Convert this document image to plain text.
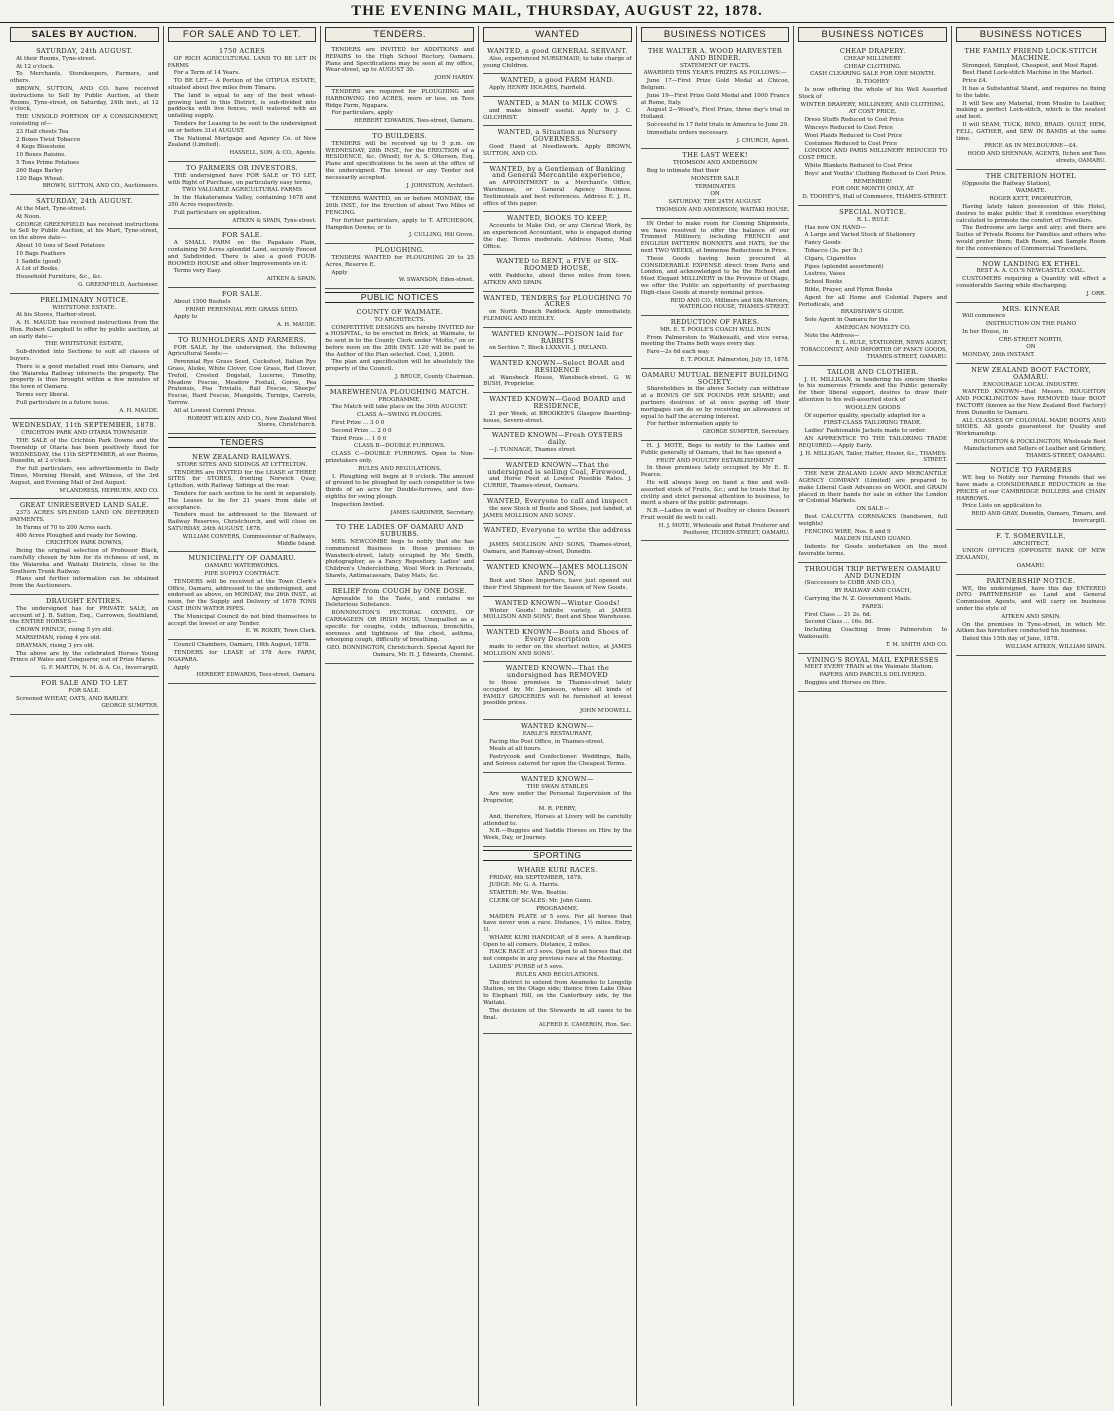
THE EVENING MAIL, THURSDAY, AUGUST 22, 1878.
SALES BY AUCTION.
SATURDAY, 24th AUGUST.

At their Rooms, Tyne-street.

At 12 o'clock.

To Merchants, Storekeepers, Farmers, and others.

BROWN, SUTTON, AND CO. have received instructions to Sell by Public Auction, at their Rooms, Tyne-street, on Saturday, 24th inst., at 12 o'clock,

THE UNSOLD PORTION OF A CONSIGNMENT, consisting of—

23 Half chests Tea

2 Boxes Twist Tobacco

4 Kegs Bluestone

10 Boxes Raisins.

5 Tons Prime Potatoes

260 Bags Barley

120 Bags Wheat.

BROWN, SUTTON, AND CO., Auctioneers.
SATURDAY, 24th AUGUST.

At the Mart, Tyne-street.

At Noon.

GEORGE GREENFIELD has received instructions to Sell by Public Auction, at his Mart, Tyne-street, on the above date—

About 10 tons of Seed Potatoes

10 Bags Feathers

1 Saddle (good)

A Lot of Books.

Household Furniture, &c., &c.

G. GREENFIELD, Auctioneer.
PRELIMINARY NOTICE.

WHITSTONE ESTATE.

At his Stores, Harbor-street.

A. H. MAUDE has received instructions from the Hon. Robert Campbell to offer by public auction, at an early date—

THE WHITSTONE ESTATE,

Sub-divided into Sections to suit all classes of buyers.

There is a good metalled road into Oamaru, and the Waiareka Railway intersects the property. The property is thus brought within a few minutes of the town of Oamaru.

Terms very liberal.

Full particulars in a future issue.

A. H. MAUDE.
WEDNESDAY, 11th SEPTEMBER, 1878.

CRICHTON PARK AND OTARIA TOWNSHIP.

THE SALE of the Crichton Park Downs and the Township of Otaria has been positively fixed for WEDNESDAY, the 11th SEPTEMBER, at our Rooms, Dunedin, at 2 o'clock.

For full particulars, see advertisements in Daily Times, Morning Herald, and Witness, of the 3rd August, and Evening Mail of 2nd August.

M'LANDRESS, HEPBURN, AND CO.
GREAT UNRESERVED LAND SALE.

2373 ACRES SPLENDID LAND ON DEFERRED PAYMENTS.

In Farms of 70 to 200 Acres each.

400 Acres Ploughed and ready for Sowing.

CRICHTON PARK DOWNS,

Being the original selection of Professor Black, carefully chosen by him for its richness of soil, in the Waiareka and Waitaki Districts, close to the Southern Trunk Railway.

Plans and further information can be obtained from the Auctioneers.

DRAUGHT ENTIRES.

The undersigned has for PRIVATE SALE, on account of J. B. Sutton, Esq., Carrowen, Southland, the ENTIRE HORSES—

CROWN PRINCE, rising 5 yrs old.

MARSHMAN, rising 4 yrs old.

DRAYMAN, rising 3 yrs old.

The above are by the celebrated Horses Young Prince of Wales and Conqueror, out of Prize Mares.

G. F. MARTIN, N. M. & A. Co., Invercargill.
FOR SALE AND TO LET

FOR SALE.

Screened WHEAT, OATS, AND BARLEY.

GEORGE SUMPTER.
FOR SALE AND TO LET.
1750 ACRES

OF RICH AGRICULTURAL LAND TO BE LET IN FARMS

For a Term of 14 Years.

TO BE LET— A Portion of the OTIPUA ESTATE, situated about five miles from Timaru.

The land is equal to any of the best wheat-growing land in this District, is sub-divided into paddocks with live fences, well watered with an unfailing supply.

Tenders for Leasing to be sent to the undersigned on or before 31st AUGUST.

The National Mortgage and Agency Co. of New Zealand (Limited).

HASSELL, SON, & CO., Agents.
TO FARMERS OR INVESTORS.

THE undersigned have FOR SALE or TO LET, with Right of Purchase, on particularly easy terms,

TWO VALUABLE AGRICULTURAL FARMS

In the Hakateramea Valley, containing 1678 and 350 Acres respectively.

Full particulars on application.

AITKEN & SPAIN, Tyne-street.
FOR SALE.

A SMALL FARM on the Papakaio Plain, containing 50 Acres splendid Land, securely Fenced and Subdivided. There is also a good FOUR-ROOMED HOUSE and other Improvements on it.

Terms very Easy.

AITKEN & SPAIN.
FOR SALE.

About 1500 Bushels

PRIME PERENNIAL RYE GRASS SEED.

Apply to

A. H. MAUDE.
TO RUNHOLDERS AND FARMERS.

FOR SALE, by the undersigned, the following Agricultural Seeds:—

Perennial Rye Grass Seed, Cocksfoot, Italian Rye Grass, Alsike, White Clover, Cow Grass, Red Clover, Trefoil, Crested Dogstail, Lucerne, Timothy, Meadow Fescue, Meadow Foxtail, Gorse, Pea Pratensis, Poa Trivialis, Rail Fescue, Sheeps' Fescue, Hard Fescue, Mangolds, Turnips, Carrots, Yarrow.

All at Lowest Current Prices.

ROBERT WILKIN AND CO., New Zealand Wool Stores, Christchurch.
TENDERS
NEW ZEALAND RAILWAYS.

STORE SITES AND SIDINGS AT LYTTELTON.

TENDERS are INVITED for the LEASE of THREE SITES for STORES, fronting Norwich Quay, Lyttelton, with Railway Sidings at the rear.

Tenders for each section to be sent in separately. The Leases to be for 21 years from date of acceptance.

Tenders must be addressed to the Steward of Railway Reserves, Christchurch, and will close on SATURDAY, 24th AUGUST, 1878.

WILLIAM CONYERS, Commissioner of Railways, Middle Island.
MUNICIPALITY OF OAMARU.

OAMARU WATERWORKS.

PIPE SUPPLY CONTRACT.

TENDERS will be received at the Town Clerk's Office, Oamaru, addressed to the undersigned, and endorsed as above, on MONDAY, the 26th INST., at noon, for the Supply and Delivery of 1678 TONS CAST IRON WATER PIPES.

The Municipal Council do not bind themselves to accept the lowest or any Tender.

E. W. ROXBY, Town Clerk.

Council Chambers, Oamaru, 16th August, 1878.

TENDERS for LEASE of 378 Acre FARM, NGAPARA.

Apply

HERBERT EDWARDS, Tees-street, Oamaru.
TENDERS.

TENDERS are INVITED for ADDITIONS and REPAIRS to the High School Rectory, Oamaru. Plans and Specifications may be seen at my office, Wear-street, up to AUGUST 30.

JOHN HARDY.

TENDERS are required for PLOUGHING and HARROWING 160 ACRES, more or less, on Tees Ridge Farm, Ngapara.

For particulars, apply

HERBERT EDWARDS, Tees-street, Oamaru.
TO BUILDERS.

TENDERS will be received up to 5 p.m. on WEDNESDAY, 28th INST., for the ERECTION of a RESIDENCE, &c. (Wood), for A. S. Otterson, Esq. Plans and specifications to be seen at the office of the undersigned. The lowest or any Tender not necessarily accepted.

J. JOHNSTON, Architect.

TENDERS WANTED, on or before MONDAY, the 26th INST., for the Erection of about Two Miles of FENCING.

For further particulars, apply to T. AITCHESON, Hampden Downs; or to

J. CULLING, Hill Grove.
PLOUGHING.

TENDERS WANTED for PLOUGHING 20 to 25 Acres, Reserve E.

Apply

W. SWANSON, Eden-street.
PUBLIC NOTICES
COUNTY OF WAIMATE.

TO ARCHITECTS.

COMPETITIVE DESIGNS are hereby INVITED for a HOSPITAL, to be erected in Brick, at Waimate, to be sent in to the County Clerk under "Motto," on or before noon on the 28th INST. 120 will be paid to the Author of the Plan selected. Cost, 1,2000.

The plan and specification will be absolutely the property of the Council.

J. BRUCE, County Chairman.
MAREWHENUA PLOUGHING MATCH.

PROGRAMME.

The Match will take place on the 30th AUGUST.

CLASS A—SWING PLOUGHS.

First Prize ... 3 0 0

Second Prize ... 2 0 0

Third Prize ... 1 0 0

CLASS B—DOUBLE FURROWS.

CLASS C—DOUBLE FURROWS. Open to Non-prizetakers only.

RULES AND REGULATIONS.

1. Ploughing will begin at 9 o'clock. The amount of ground to be ploughed by each competitor is two thirds of an acre for Double-furrows, and five-eighths for swing plough.

Inspection Invited.

JAMES GARDINER, Secretary.
TO THE LADIES OF OAMARU AND SUBURBS.

MRS. NEWCOMBE begs to notify that she has commenced Business in those premises in Wansbeck-street, lately occupied by Mr. Smith, photographer, as a Fancy Repository. Ladies' and Children's Underclothing, Wool Work in Pericoats, Shawls, Antimacassars, Daisy Mats, &c.

RELIEF from COUGH by ONE DOSE.

Agreeable to the Taste, and contains no Deleterious Substance.

BONNINGTON'S PECTORAL OXYMEL OF CARRAGEEN OR IRISH MOSS, Unequalled as a specific for coughs, colds, influenza, bronchitis, soreness and tightness of the chest, asthma, whooping cough, difficulty of breathing.

GEO. BONNINGTON, Christchurch. Special Agent for Oamaru, Mr. H. J. Edwards, Chemist.
WANTED
WANTED, a good GENERAL SERVANT.

Also, experienced NURSEMAID, to take charge of young Children.

WANTED, a good FARM HAND.

Apply HENRY HOLMES, Fairfield.

WANTED, a MAN to MILK COWS

and make himself useful. Apply to J. C. GILCHRIST.

WANTED, a Situation as Nursery GOVERNESS.

Good Hand at Needlework. Apply BROWN, SUTTON, AND CO.

WANTED, by a Gentleman of Banking and General Mercantile experience,

an APPOINTMENT in a Merchant's Office, Warehouse, or General Agency Business. Testimonials and best references. Address E. J. H., office of this paper.

WANTED, BOOKS TO KEEP,

Accounts to Make Out, or any Clerical Work, by an experienced Accountant, who is engaged during the day. Terms moderate. Address Nemo, Mail Office.

WANTED to RENT, a FIVE or SIX-ROOMED HOUSE,

with Paddocks, about three miles from town. AITKEN AND SPAIN.

WANTED, TENDERS for PLOUGHING 70 ACRES

on North Branch Paddock. Apply immediately. FLEMING AND HEDLEY.

WANTED KNOWN—POISON laid for RABBITS

on Section 7, Block LXXXVII. J. IRELAND.

WANTED KNOWN—Select BOAR and RESIDENCE

at Wansbeck House, Wansbeck-street. G. W. BUSH, Proprietor.

WANTED KNOWN—Good BOARD and RESIDENCE,

21 per Week, at BROOKER'S Glasgow Boarding-house, Severn-street.

WANTED KNOWN—Fresh OYSTERS daily.

—J. TUNNAGE, Thames street.

WANTED KNOWN—That the undersigned is selling Coal, Firewood,

and Horse Feed at Lowest Possible Rates. J. CURRIE, Thames-street, Oamaru.

WANTED, Everyone to call and inspect

the new Stock of Boots and Shoes, just landed, at JAMES MOLLISON AND SONS'.

WANTED, Everyone to write the address—

JAMES MOLLISON AND SONS, Thames-street, Oamaru, and Ramsay-street, Dunedin.

WANTED KNOWN—JAMES MOLLISON AND SON,

Boot and Shoe Importers, have just opened out their First Shipment for the Season of New Goods.

WANTED KNOWN—Winter Goods!

Winter Goods! Infinite variety, at JAMES MOLLISON AND SONS', Boot and Shoe Warehouse.

WANTED KNOWN—Boots and Shoes of Every Description

made to order on the shortest notice, at JAMES MOLLISON AND SONS'.

WANTED KNOWN—That the undersigned has REMOVED

to those premises in Thames-street lately occupied by Mr. Jamieson, where all kinds of FAMILY GROCERIES will be furnished at lowest possible prices.

JOHN M'DOWELL.
WANTED KNOWN—

EARLE'S RESTAURANT,

Facing the Post Office, in Thames-street.

Meals at all hours.

Pastrycook and Confectioner. Weddings, Balls, and Soirees catered for upon the Cheapest Terms.

WANTED KNOWN—

THE SWAN STABLES

Are now under the Personal Supervision of the Proprietor,

M. R. PERRY,

And, therefore, Horses at Livery will be carefully attended to.

N.B.—Buggies and Saddle Horses on Hire by the Week, Day, or Journey.

SPORTING
WHARE KURI RACES.

FRIDAY, 6th SEPTEMBER, 1878.

JUDGE: Mr. G. A. Harris.

STARTER: Mr. Wm. Beattie.

CLERK OF SCALES: Mr. John Gunn.

PROGRAMME.

MAIDEN PLATE of 5 sovs. For all horses that have never won a race. Distance, 1½ miles. Entry, 1l.

WHARE KURI HANDICAP, of 8 sovs. A handicap. Open to all comers. Distance, 2 miles.

HACK RACE of 3 sovs. Open to all horses that did not compete in any previous race at the Meeting.

LADIES' PURSE of 5 sovs.

RULES AND REGULATIONS.

The district to extend from Awamoko to Longslip Station, on the Otago side; thence from Lake Ohau to Elephant Hill, on the Canterbury side, by the Waitaki.

The decision of the Stewards in all cases to be final.

ALFRED E. CAMERON, Hon. Sec.
BUSINESS NOTICES
THE WALTER A. WOOD HARVESTER AND BINDER.

STATEMENT OF FACTS.

AWARDED THIS YEAR'S PRIZES AS FOLLOWS:—

June 17—First Prize Gold Medal at Chicoe, Belgium.

June 19—First Prize Gold Medal and 1000 Francs at Rome, Italy.

August 2—Wood's, First Prize, three day's trial in Holland.

Successful in 17 field trials in America to June 29.

Immediate orders necessary.

J. CHURCH, Agent.
THE LAST WEEK!

THOMSON AND ANDERSON

Beg to intimate that their

MONSTER SALE

TERMINATES

ON

SATURDAY, THE 24TH AUGUST.

THOMSON AND ANDERSON, WAITAKI HOUSE.

IN Order to make room for Coming Shipments, we have resolved to offer the balance of our Trimmed Millinery, including FRENCH and ENGLISH PATTERN BONNETS and HATS, for the next TWO WEEKS, at Immense Reductions in Price.

These Goods having been procured at CONSIDERABLE EXPENSE direct from Paris and London, and acknowledged to be the Richest and Most Elegant MILLINERY in the Province of Otago, we offer the Public an opportunity of purchasing High-class Goods at merely nominal prices.

REID AND CO., Milliners and Silk Mercers, WATERLOO HOUSE, THAMES-STREET.
REDUCTION OF FARES.

MR. E. T. POOLE'S COACH WILL RUN

From Palmerston to Waikouaiti, and vice versa, meeting the Trains both ways every day.

Fare—2s 6d each way.

E. T. POOLE. Palmerston, July 15, 1878.
OAMARU MUTUAL BENEFIT BUILDING SOCIETY.

Shareholders in the above Society can withdraw at a BONUS OF SIX POUNDS PER SHARE; and partners desirous of at once paying off their mortgages can do so by receiving an allowance of equal to half the accruing interest.

For further information apply to

GEORGE SUMPTER, Secretary.

H. J. MOTE, Begs to notify to the Ladies and Public generally of Oamaru, that he has opened a

FRUIT AND POULTRY ESTABLISHMENT

In those premises lately occupied by Mr E. B. Pearce.

He will always keep on hand a fine and well-assorted stock of Fruits, &c.; and he trusts that by civility and strict personal attention to business, to merit a share of the public patronage.

N.B.—Ladies in want of Poultry or choice Dessert Fruit would do well to call.

H. J. MOTE, Wholesale and Retail Fruiterer and Poulterer, ITCHEN-STREET, OAMARU.
BUSINESS NOTICES
CHEAP DRAPERY.

CHEAP MILLINERY.

CHEAP CLOTHING.

CASH CLEARING SALE FOR ONE MONTH.

D. TOOHEY

Is now offering the whole of his Well Assorted Stock of

WINTER DRAPERY, MILLINERY, AND CLOTHING,

AT COST PRICE.

Dress Stuffs Reduced to Cost Price

Winceys Reduced to Cost Price

Wool Plaids Reduced to Cost Price

Costumes Reduced to Cost Price

LONDON AND PARIS MILLINERY REDUCED TO COST PRICE.

White Blankets Reduced to Cost Price

Boys' and Youths' Clothing Reduced to Cost Price.

REMEMBER!

FOR ONE MONTH ONLY, AT

D. TOOHEY'S, Hall of Commerce, THAMES-STREET.
SPECIAL NOTICE.

R. L. RULE

Has now ON HAND—

A Large and Varied Stock of Stationery

Fancy Goods

Tobacco (3s. per lb.)

Cigars, Cigarettes

Pipes (splendid assortment)

Lustres, Vases

School Books

Bible, Prayer, and Hymn Books

Agent for all Home and Colonial Papers and Periodicals, and

BRADSHAW'S GUIDE.

Sole Agent in Oamaru for the

AMERICAN NOVELTY CO.

Note the Address—

R. L. RULE, STATIONER, NEWS AGENT, TOBACCONIST, AND IMPORTER OF FANCY GOODS, THAMES-STREET, OAMARU.
TAILOR AND CLOTHIER.

J. H. MILLIGAN, in tendering his sincere thanks to his numerous Friends and the Public generally for their liberal support, desires to draw their attention to his well-assorted stock of

WOOLLEN GOODS

Of superior quality, specially adapted for a

FIRST-CLASS TAILORING TRADE.

Ladies' Fashionable Jackets made to order.

AN APPRENTICE TO THE TAILORING TRADE REQUIRED.—Apply Early.

J. H. MILLIGAN, Tailor, Hatter, Hosier, &c., THAMES-STREET.

THE NEW ZEALAND LOAN AND MERCANTILE AGENCY COMPANY (Limited) are prepared to make Liberal Cash Advances on WOOL and GRAIN placed in their hands for sale in either the London or Colonial Markets.

ON SALE—

Best CALCUTTA CORNSACKS (handsewn, full weights)

FENCING WIRE, Nos. 8 and 9

MALDEN ISLAND GUANO.

Indents for Goods undertaken on the most favorable terms.

THROUGH TRIP BETWEEN OAMARU AND DUNEDIN

(Successors to COBB AND CO.),

BY RAILWAY AND COACH,

Carrying the N. Z. Government Mails.

FARES:

First Class ... 21 2s. 6d.

Second Class ... 16s. 8d.

Including Coaching from Palmerston to Waikouaiti.

T. M. SMITH AND CO.
VINING'S ROYAL MAIL EXPRESSES

MEET EVERY TRAIN at the Waimate Station.

PAPERS AND PARCELS DELIVERED.

Buggies and Horses on Hire.

BUSINESS NOTICES
THE FAMILY FRIEND LOCK-STITCH MACHINE.

Strongest, Simplest, Cheapest, and Most Rapid.

Best Hand Lock-stitch Machine in the Market.

Price £4.

It has a Substantial Stand, and requires no fixing to the table.

It will Sew any Material, from Muslin to Leather, making a perfect Lock-stitch, which is the neatest and best.

It will SEAM, TUCK, BIND, BRAID, QUILT, HEM, FELL, GATHER, and SEW IN BANDS at the same time.

PRICE AS IN MELBOURNE—£4.

HOOD AND SHENNAN, AGENTS, Itchen and Tees streets, OAMARU.
THE CRITERION HOTEL

(Opposite the Railway Station),

WAIMATE.

ROGER KETT, PROPRIETOR,

Having lately taken possession of this Hotel, desires to make public that it combines everything calculated to promote the comfort of Travellers.

The Bedrooms are large and airy; and there are Suites of Private Rooms for Families and others who would prefer them; Bath Room, and Sample Room for the convenience of Commercial Travellers.

NOW LANDING EX ETHEL

BEST A. A. CO.'S NEWCASTLE COAL.

CUSTOMERS requiring a Quantity will effect a considerable Saving while discharging.

J. ORR.
MRS. KINNEAR

Will commence

INSTRUCTION ON THE PIANO

In her House, in

CRE-STREET NORTH,

ON

MONDAY, 26th INSTANT.

NEW ZEALAND BOOT FACTORY, OAMARU.

ENCOURAGE LOCAL INDUSTRY.

WANTED KNOWN—that Messrs. ROUGHTON AND POCKLINGTON have REMOVED their BOOT FACTORY (known as the New Zealand Boot Factory) from Dunedin to Oamaru.

ALL CLASSES OF COLONIAL MADE BOOTS AND SHOES. All goods guaranteed for Quality and Workmanship.

ROUGHTON & POCKLINGTON, Wholesale Boot Manufacturers and Sellers of Leather and Grindery, THAMES-STREET, OAMARU.
NOTICE TO FARMERS

WE beg to Notify our Farming Friends that we have made a CONSIDERABLE REDUCTION in the PRICES of our CAMBRIDGE ROLLERS and CHAIN HARROWS.

Price Lists on application to

REID AND GRAY, Dunedin, Oamaru, Timaru, and Invercargill.
F. T. SOMERVILLE,

ARCHITECT,

UNION OFFICES (OPPOSITE BANK OF NEW ZEALAND),

OAMARU.

PARTNERSHIP NOTICE.

WE, the undersigned, have this day ENTERED INTO PARTNERSHIP as Land and General Commission Agents, and will carry on business under the style of

AITKEN AND SPAIN.

On the premises in Tyne-street, in which Mr. Aitken has heretofore conducted his business.

Dated this 15th day of June, 1878.

WILLIAM AITKEN, WILLIAM SPAIN.
